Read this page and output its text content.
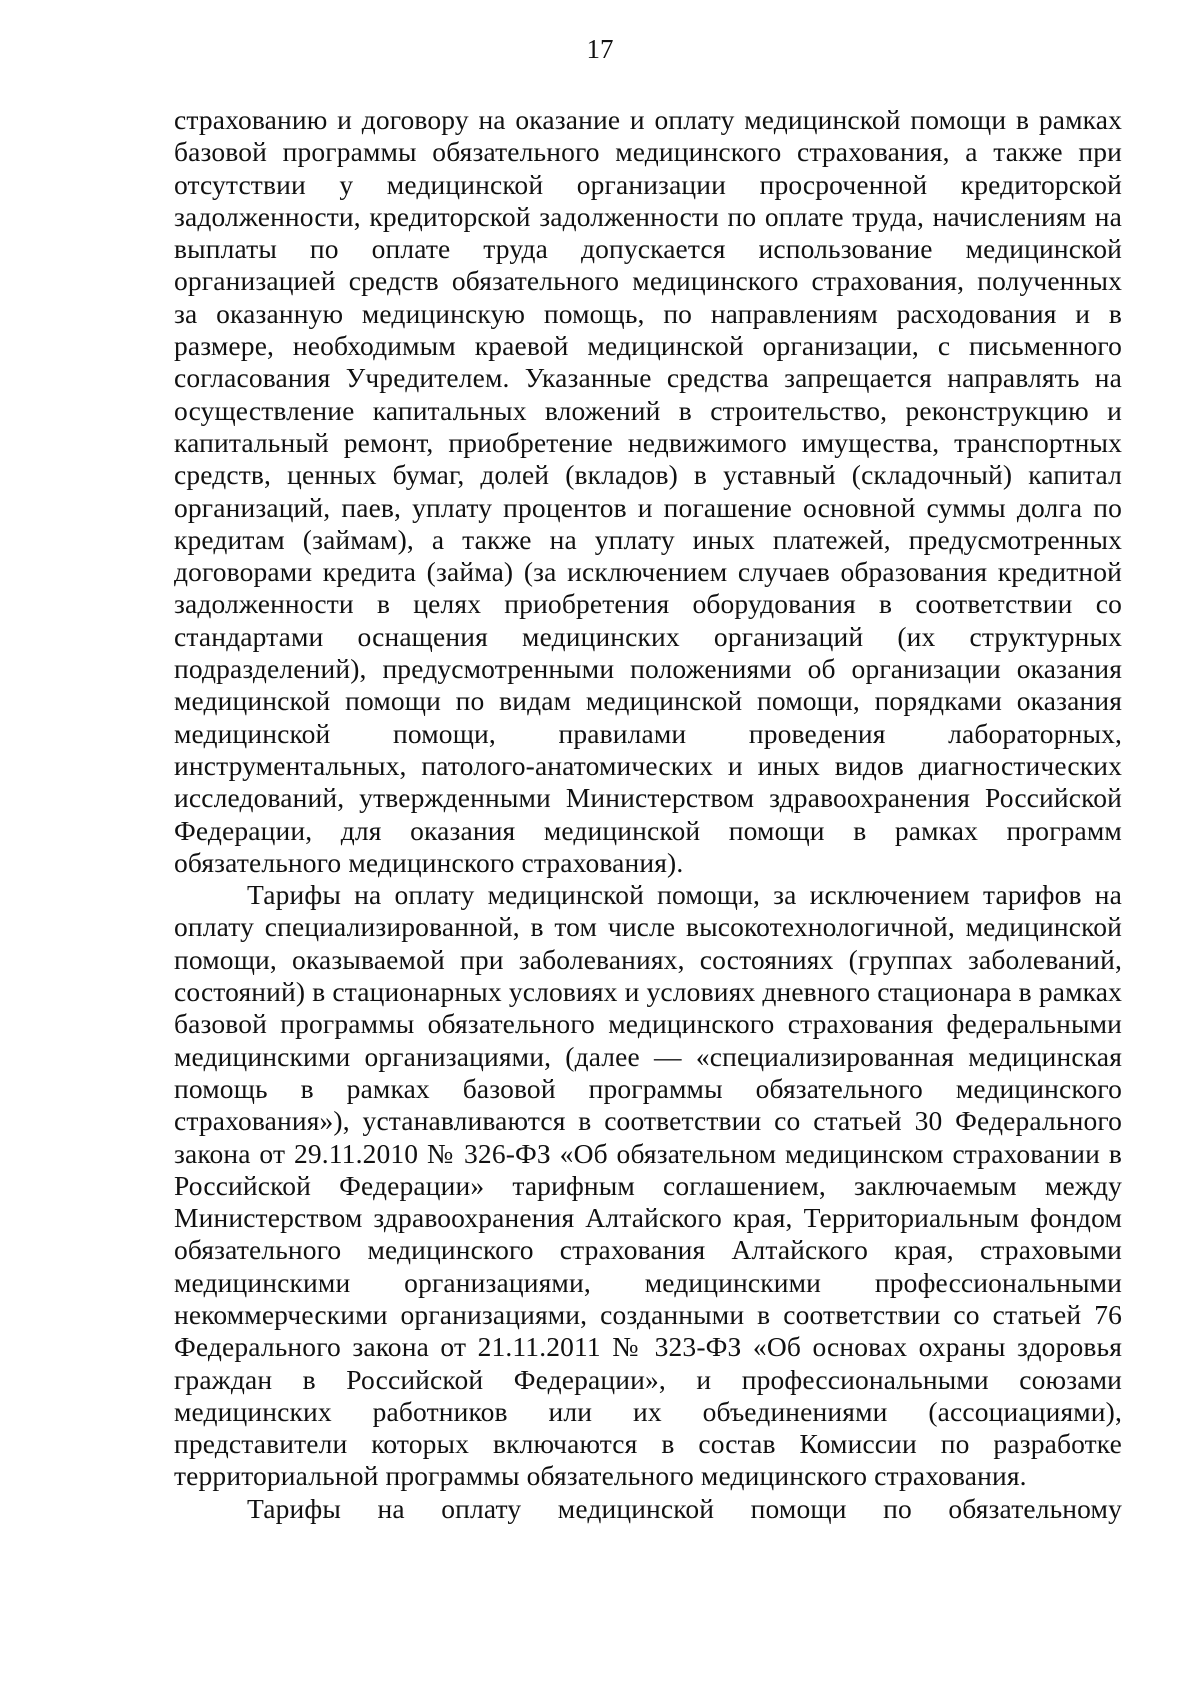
17

страхованию и договору на оказание и оплату медицинской помощи в рамках базовой программы обязательного медицинского страхования, а также при отсутствии у медицинской организации просроченной кредиторской задолженности, кредиторской задолженности по оплате труда, начислениям на выплаты по оплате труда допускается использование медицинской организацией средств обязательного медицинского страхования, полученных за оказанную медицинскую помощь, по направлениям расходования и в размере, необходимым краевой медицинской организации, с письменного согласования Учредителем. Указанные средства запрещается направлять на осуществление капитальных вложений в строительство, реконструкцию и капитальный ремонт, приобретение недвижимого имущества, транспортных средств, ценных бумаг, долей (вкладов) в уставный (складочный) капитал организаций, паев, уплату процентов и погашение основной суммы долга по кредитам (займам), а также на уплату иных платежей, предусмотренных договорами кредита (займа) (за исключением случаев образования кредитной задолженности в целях приобретения оборудования в соответствии со стандартами оснащения медицинских организаций (их структурных подразделений), предусмотренными положениями об организации оказания медицинской помощи по видам медицинской помощи, порядками оказания медицинской помощи, правилами проведения лабораторных, инструментальных, патолого-анатомических и иных видов диагностических исследований, утвержденными Министерством здравоохранения Российской Федерации, для оказания медицинской помощи в рамках программ обязательного медицинского страхования).

Тарифы на оплату медицинской помощи, за исключением тарифов на оплату специализированной, в том числе высокотехнологичной, медицинской помощи, оказываемой при заболеваниях, состояниях (группах заболеваний, состояний) в стационарных условиях и условиях дневного стационара в рамках базовой программы обязательного медицинского страхования федеральными медицинскими организациями, (далее — «специализированная медицинская помощь в рамках базовой программы обязательного медицинского страхования»), устанавливаются в соответствии со статьей 30 Федерального закона от 29.11.2010 № 326-ФЗ «Об обязательном медицинском страховании в Российской Федерации» тарифным соглашением, заключаемым между Министерством здравоохранения Алтайского края, Территориальным фондом обязательного медицинского страхования Алтайского края, страховыми медицинскими организациями, медицинскими профессиональными некоммерческими организациями, созданными в соответствии со статьей 76 Федерального закона от 21.11.2011 № 323-ФЗ «Об основах охраны здоровья граждан в Российской Федерации», и профессиональными союзами медицинских работников или их объединениями (ассоциациями), представители которых включаются в состав Комиссии по разработке территориальной программы обязательного медицинского страхования.

Тарифы на оплату медицинской помощи по обязательному
